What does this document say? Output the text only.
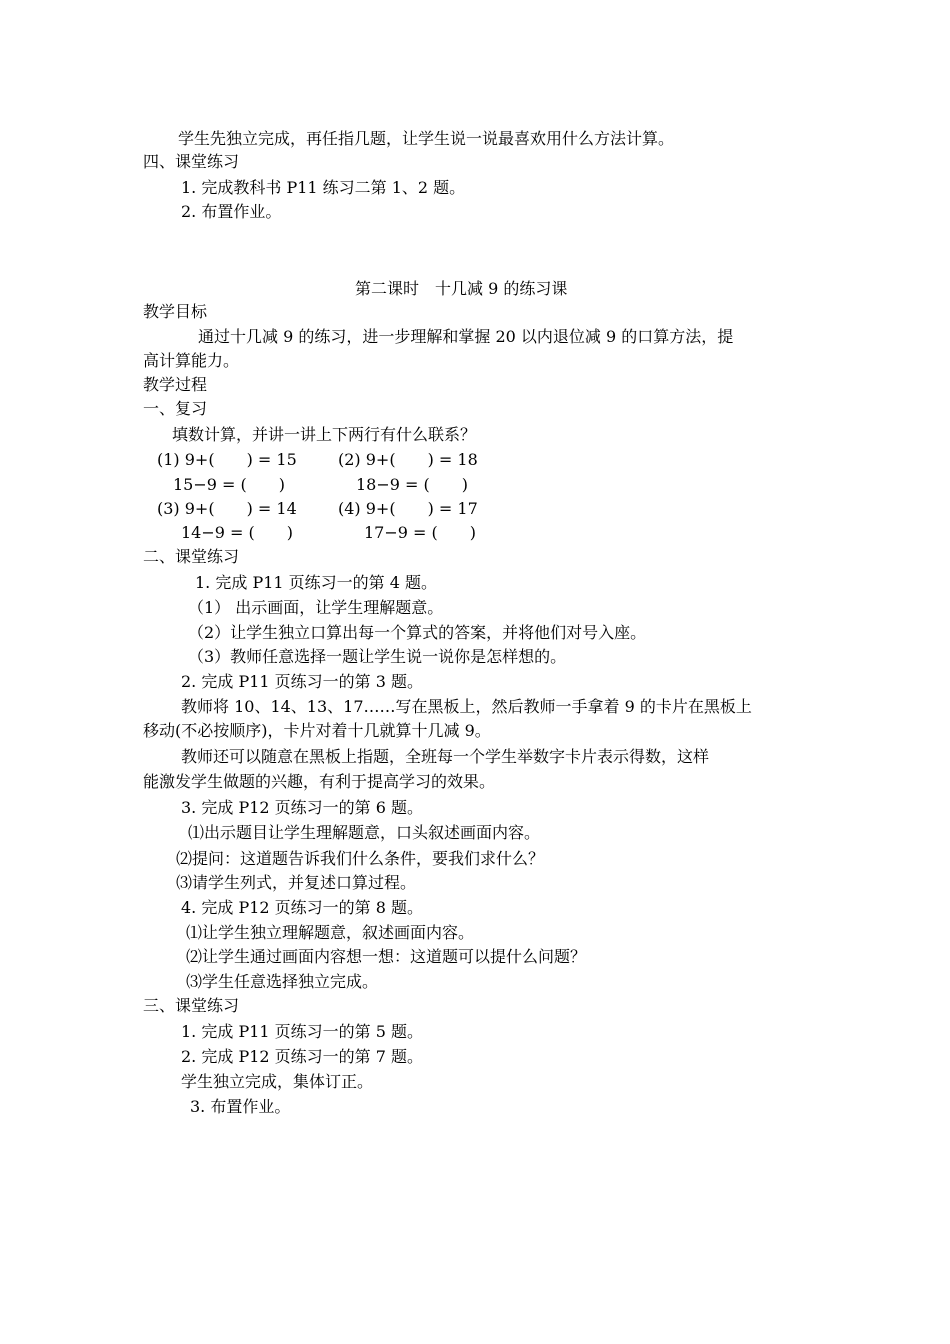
学生先独立完成，再任指几题，让学生说一说最喜欢用什么方法计算。
四、课堂练习
1. 完成教科书 P11 练习二第 1、2 题。
2. 布置作业。
第二课时　十几减 9 的练习课
教学目标
通过十几减 9 的练习，进一步理解和掌握 20 以内退位减 9 的口算方法，提
高计算能力。
教学过程
一、复习
填数计算，并讲一讲上下两行有什么联系？
(1) 9+(　　) = 15	(2) 9+(　　) = 18
15−9 = (　　)	18−9 = (　　)
(3) 9+(　　) = 14	(4) 9+(　　) = 17
14−9 = (　　)	17−9 = (　　)
二、课堂练习
1. 完成 P11 页练习一的第 4 题。
（1） 出示画面，让学生理解题意。
（2）让学生独立口算出每一个算式的答案，并将他们对号入座。
（3）教师任意选择一题让学生说一说你是怎样想的。
2. 完成 P11 页练习一的第 3 题。
教师将 10、14、13、17……写在黑板上，然后教师一手拿着 9 的卡片在黑板上
移动(不必按顺序)，卡片对着十几就算十几减 9。
教师还可以随意在黑板上指题，全班每一个学生举数字卡片表示得数，这样
能激发学生做题的兴趣，有利于提高学习的效果。
3. 完成 P12 页练习一的第 6 题。
⑴出示题目让学生理解题意，口头叙述画面内容。
⑵提问：这道题告诉我们什么条件，要我们求什么？
⑶请学生列式，并复述口算过程。
4. 完成 P12 页练习一的第 8 题。
⑴让学生独立理解题意，叙述画面内容。
⑵让学生通过画面内容想一想：这道题可以提什么问题？
⑶学生任意选择独立完成。
三、课堂练习
1. 完成 P11 页练习一的第 5 题。
2. 完成 P12 页练习一的第 7 题。
学生独立完成，集体订正。
3. 布置作业。
